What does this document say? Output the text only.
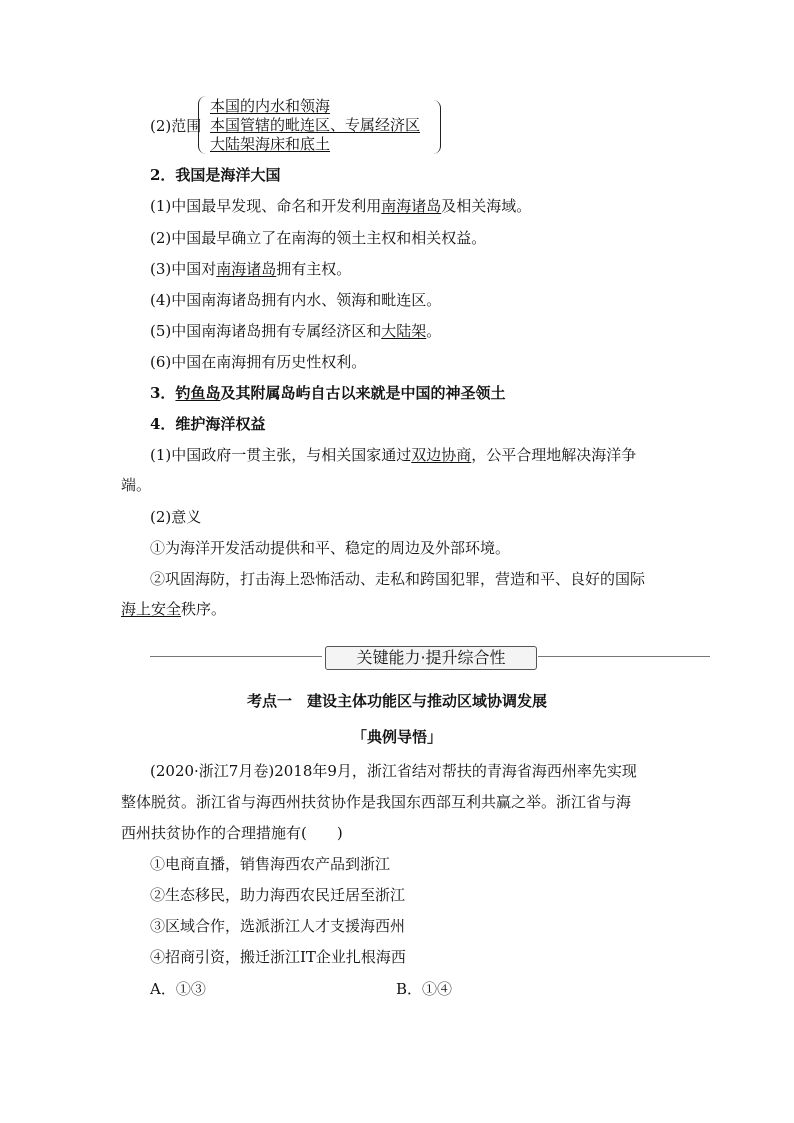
(2)范围
本国的内水和领海
本国管辖的毗连区、专属经济区
大陆架海床和底土
2．我国是海洋大国
(1)中国最早发现、命名和开发利用南海诸岛及相关海域。
(2)中国最早确立了在南海的领土主权和相关权益。
(3)中国对南海诸岛拥有主权。
(4)中国南海诸岛拥有内水、领海和毗连区。
(5)中国南海诸岛拥有专属经济区和大陆架。
(6)中国在南海拥有历史性权利。
3．钓鱼岛及其附属岛屿自古以来就是中国的神圣领土
4．维护海洋权益
(1)中国政府一贯主张，与相关国家通过双边协商，公平合理地解决海洋争
端。
(2)意义
①为海洋开发活动提供和平、稳定的周边及外部环境。
②巩固海防，打击海上恐怖活动、走私和跨国犯罪，营造和平、良好的国际
海上安全秩序。
关键能力·提升综合性
考点一　建设主体功能区与推动区域协调发展
「典例导悟」
(2020·浙江7月卷)2018年9月，浙江省结对帮扶的青海省海西州率先实现
整体脱贫。浙江省与海西州扶贫协作是我国东西部互利共赢之举。浙江省与海
西州扶贫协作的合理措施有(　　)
①电商直播，销售海西农产品到浙江
②生态移民，助力海西农民迁居至浙江
③区域合作，选派浙江人才支援海西州
④招商引资，搬迁浙江IT企业扎根海西
A．①③	B．①④
